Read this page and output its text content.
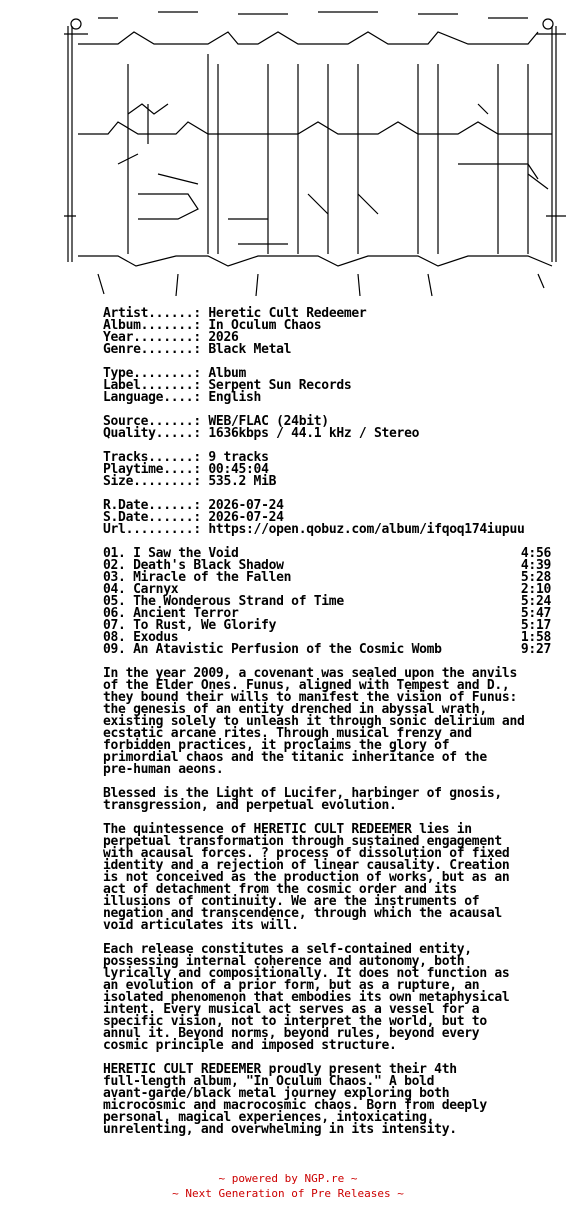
Artist......: Heretic Cult Redeemer
Album.......: In Oculum Chaos
Year........: 2026
Genre.......: Black Metal
Type........: Album
Label.......: Serpent Sun Records
Language....: English
Source......: WEB/FLAC (24bit)
Quality.....: 1636kbps / 44.1 kHz / Stereo
Tracks......: 9 tracks
Playtime....: 00:45:04
Size........: 535.2 MiB
R.Date......: 2026-07-24
S.Date......: 2026-07-24
Url.........: https://open.qobuz.com/album/ifqoq174iupuu
01. I Saw the Void	4:56
02. Death's Black Shadow	4:39
03. Miracle of the Fallen	5:28
04. Carnyx	2:10
05. The Wonderous Strand of Time	5:24
06. Ancient Terror	5:47
07. To Rust, We Glorify	5:17
08. Exodus	1:58
09. An Atavistic Perfusion of the Cosmic Womb	9:27
In the year 2009, a covenant was sealed upon the anvils
of the Elder Ones. Funus, aligned with Tempest and D.,
they bound their wills to manifest the vision of Funus:
the genesis of an entity drenched in abyssal wrath,
existing solely to unleash it through sonic delirium and
ecstatic arcane rites. Through musical frenzy and
forbidden practices, it proclaims the glory of
primordial chaos and the titanic inheritance of the
pre-human aeons.
Blessed is the Light of Lucifer, harbinger of gnosis,
transgression, and perpetual evolution.
The quintessence of HERETIC CULT REDEEMER lies in
perpetual transformation through sustained engagement
with acausal forces. ? process of dissolution of fixed
identity and a rejection of linear causality. Creation
is not conceived as the production of works, but as an
act of detachment from the cosmic order and its
illusions of continuity. We are the instruments of
negation and transcendence, through which the acausal
void articulates its will.
Each release constitutes a self-contained entity,
possessing internal coherence and autonomy, both
lyrically and compositionally. It does not function as
an evolution of a prior form, but as a rupture, an
isolated phenomenon that embodies its own metaphysical
intent. Every musical act serves as a vessel for a
specific vision, not to interpret the world, but to
annul it. Beyond norms, beyond rules, beyond every
cosmic principle and imposed structure.
HERETIC CULT REDEEMER proudly present their 4th
full-length album, "In Oculum Chaos." A bold
avant-garde/black metal journey exploring both
microcosmic and macrocosmic chaos. Born from deeply
personal, magical experiences, intoxicating,
unrelenting, and overwhelming in its intensity.
~ powered by NGP.re ~
~ Next Generation of Pre Releases ~
